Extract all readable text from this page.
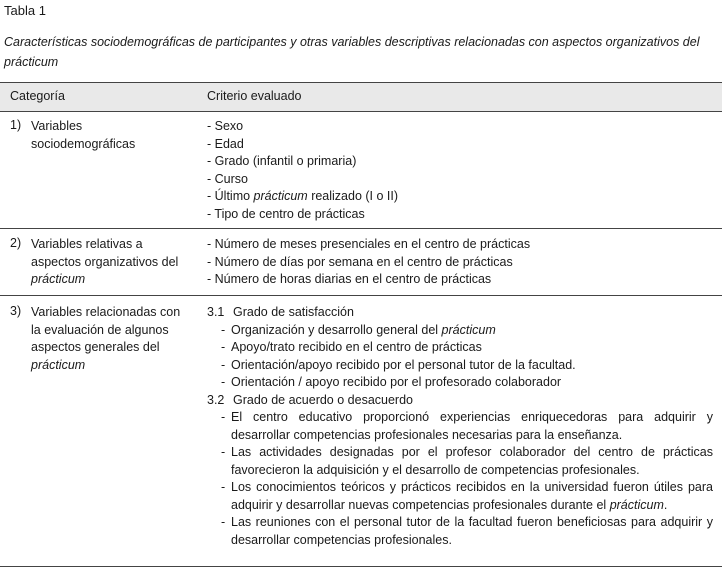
Tabla 1
Características sociodemográficas de participantes y otras variables descriptivas relacionadas con aspectos organizativos del prácticum
Categoría	Criterio evaluado
1) Variables
sociodemográficas
- Sexo
- Edad
- Grado (infantil o primaria)
- Curso
- Último prácticum realizado (I o II)
- Tipo de centro de prácticas
2) Variables relativas a
aspectos organizativos del
prácticum
- Número de meses presenciales en el centro de prácticas
- Número de días por semana en el centro de prácticas
- Número de horas diarias en el centro de prácticas
3) Variables relacionadas con
la evaluación de algunos
aspectos generales del
prácticum
3.1 Grado de satisfacción
- Organización y desarrollo general del prácticum
- Apoyo/trato recibido en el centro de prácticas
- Orientación/apoyo recibido por el personal tutor de la facultad.
- Orientación / apoyo recibido por el profesorado colaborador
3.2 Grado de acuerdo o desacuerdo
- El centro educativo proporcionó experiencias enriquecedoras para adquirir y desarrollar competencias profesionales necesarias para la enseñanza.
- Las actividades designadas por el profesor colaborador del centro de prácticas favorecieron la adquisición y el desarrollo de competencias profesionales.
- Los conocimientos teóricos y prácticos recibidos en la universidad fueron útiles para adquirir y desarrollar nuevas competencias profesionales durante el prácticum.
- Las reuniones con el personal tutor de la facultad fueron beneficiosas para adquirir y desarrollar competencias profesionales.
